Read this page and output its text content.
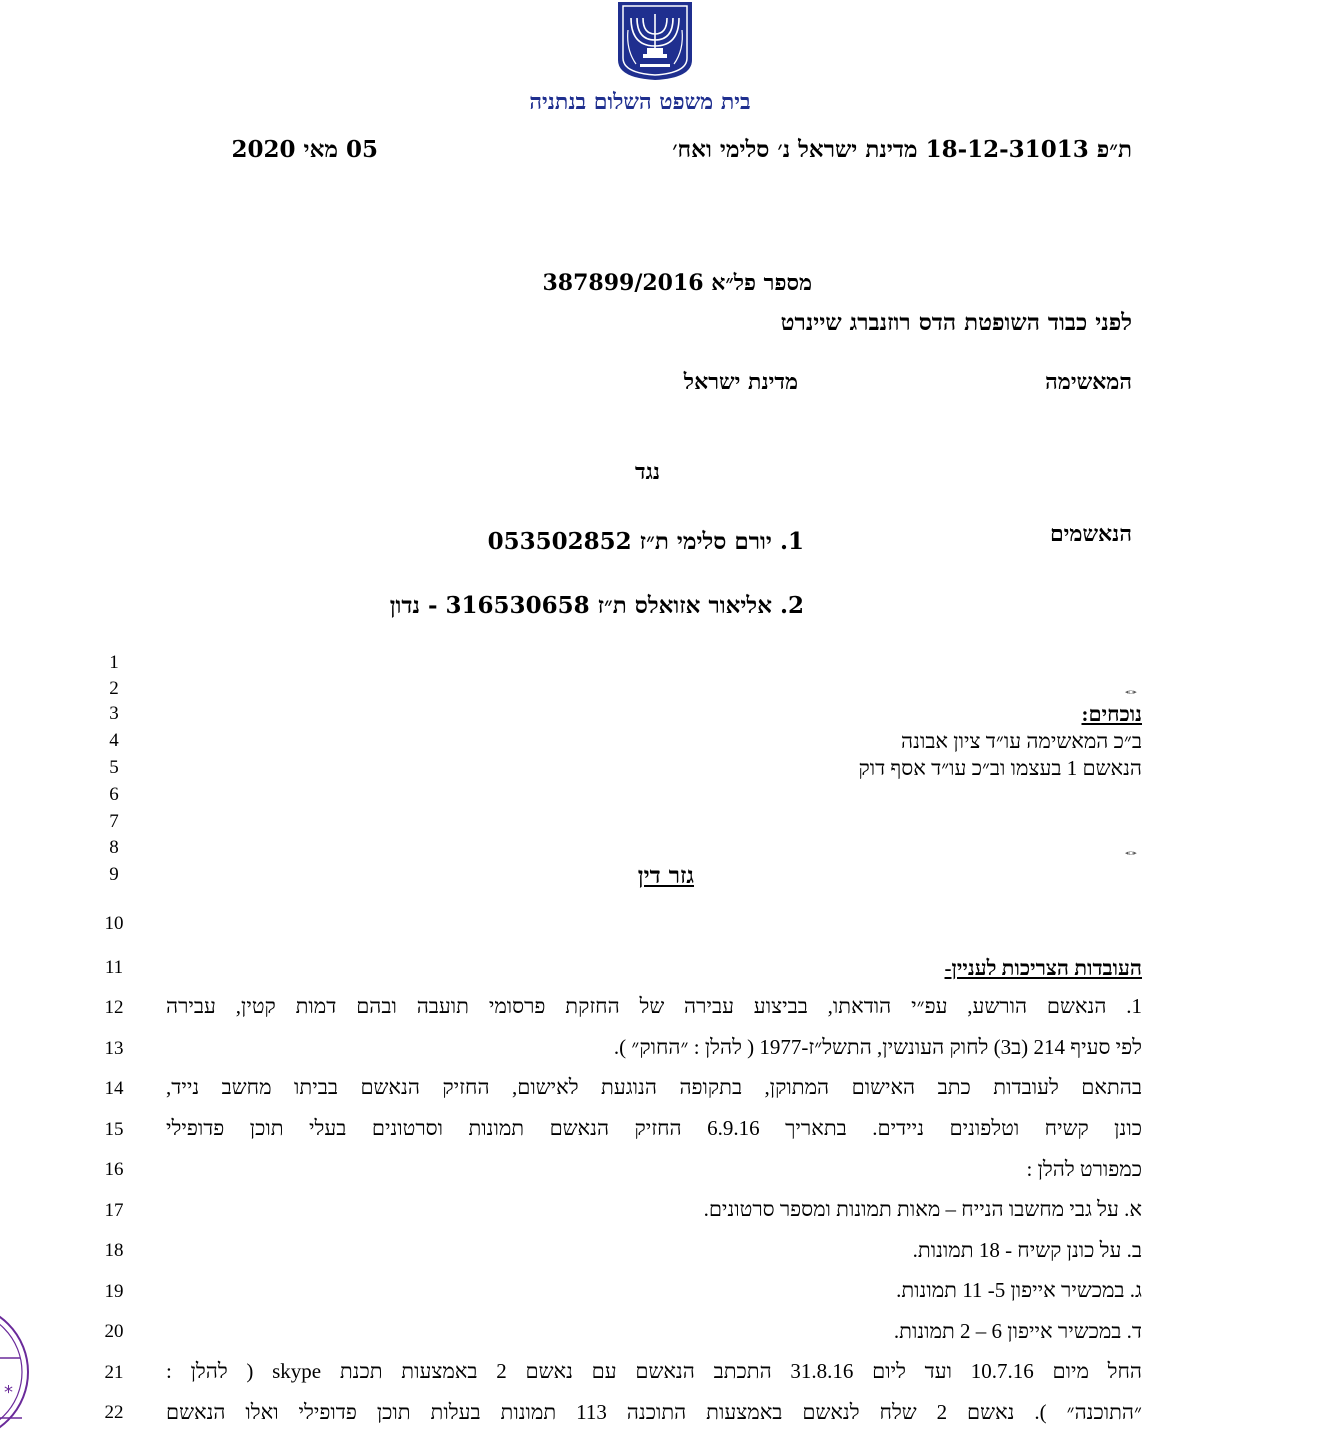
בית משפט השלום בנתניה
ת״פ 18-12-31013 מדינת ישראל נ׳ סלימי ואח׳
05 מאי 2020
מספר פל״א 387899/2016
לפני כבוד השופטת הדס רוזנברג שיינרט
המאשימה
מדינת ישראל
נגד
הנאשמים
1. יורם סלימי ת״ז 053502852
2. אליאור אזואלס ת״ז 316530658 - נדון
1
2
3
4
5
6
7
8
9
10
11
12
13
14
15
16
17
18
19
20
21
22
◂▫▸
◂▫▸
נוכחים:
ב״כ המאשימה עו״ד ציון אבונה
הנאשם 1 בעצמו וב״כ עו״ד אסף דוק
גזר דין
העובדות הצריכות לעניין-
1. הנאשם הורשע, עפ״י הודאתו, בביצוע עבירה של החזקת פרסומי תועבה ובהם דמות קטין, עבירה
לפי סעיף 214 (ב3) לחוק העונשין, התשל״ז-1977 ( להלן : ״החוק״ ).
בהתאם לעובדות כתב האישום המתוקן, בתקופה הנוגעת לאישום, החזיק הנאשם בביתו מחשב נייד,
כונן קשיח וטלפונים ניידים. בתאריך 6.9.16 החזיק הנאשם תמונות וסרטונים בעלי תוכן פדופילי
כמפורט להלן :
א. על גבי מחשבו הנייח – מאות תמונות ומספר סרטונים.
ב. על כונן קשיח - 18 תמונות.
ג. במכשיר אייפון 5- 11 תמונות.
ד. במכשיר אייפון 6 – 2 תמונות.
החל מיום 10.7.16 ועד ליום 31.8.16 התכתב הנאשם עם נאשם 2 באמצעות תכנת skype ( להלן :
״התוכנה״ ). נאשם 2 שלח לנאשם באמצעות התוכנה 113 תמונות בעלות תוכן פדופילי ואלו הנאשם
*
